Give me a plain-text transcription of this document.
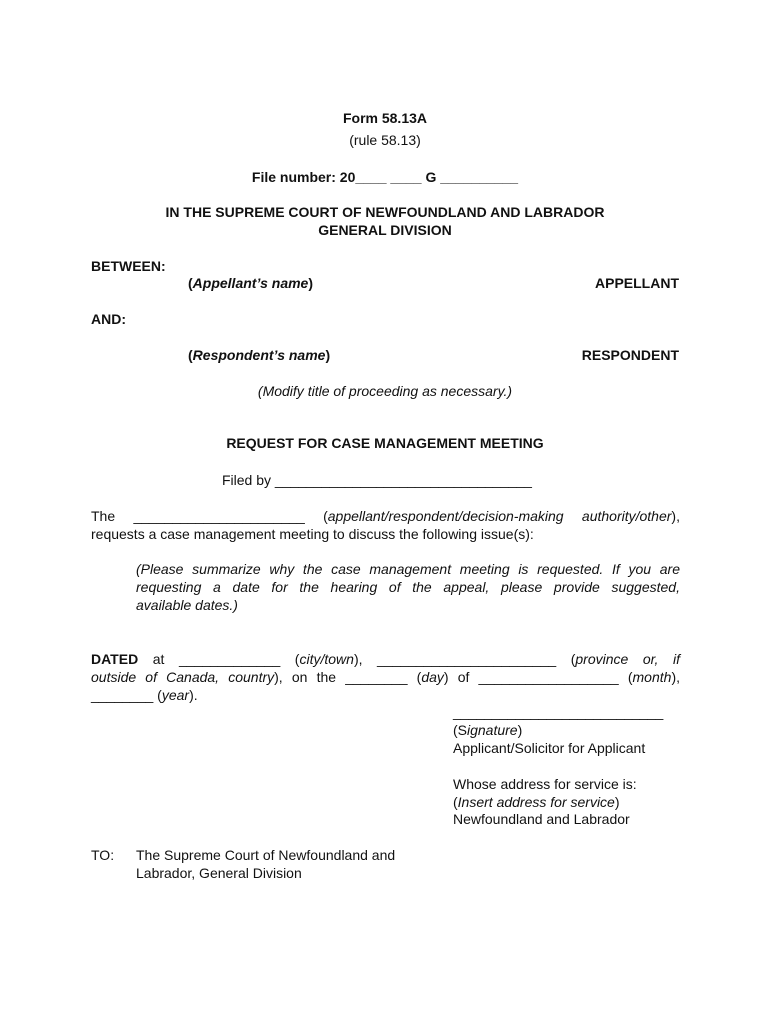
Form 58.13A
(rule 58.13)
File number: 20____ ____ G __________
IN THE SUPREME COURT OF NEWFOUNDLAND AND LABRADOR
GENERAL DIVISION
BETWEEN:
(Appellant’s name)	APPELLANT
AND:
(Respondent’s name)	RESPONDENT
(Modify title of proceeding as necessary.)
REQUEST FOR CASE MANAGEMENT MEETING
Filed by _________________________________
The ______________________ (appellant/respondent/decision-making authority/other),
requests a case management meeting to discuss the following issue(s):
(Please summarize why the case management meeting is requested. If you are
requesting a date for the hearing of the appeal, please provide suggested,
available dates.)
DATED at _____________ (city/town), _______________________ (province or, if
outside of Canada, country), on the ________ (day) of __________________ (month),
________ (year).
___________________________
(Signature)
Applicant/Solicitor for Applicant
Whose address for service is:
(Insert address for service)
Newfoundland and Labrador
TO: The Supreme Court of Newfoundland and
Labrador, General Division
